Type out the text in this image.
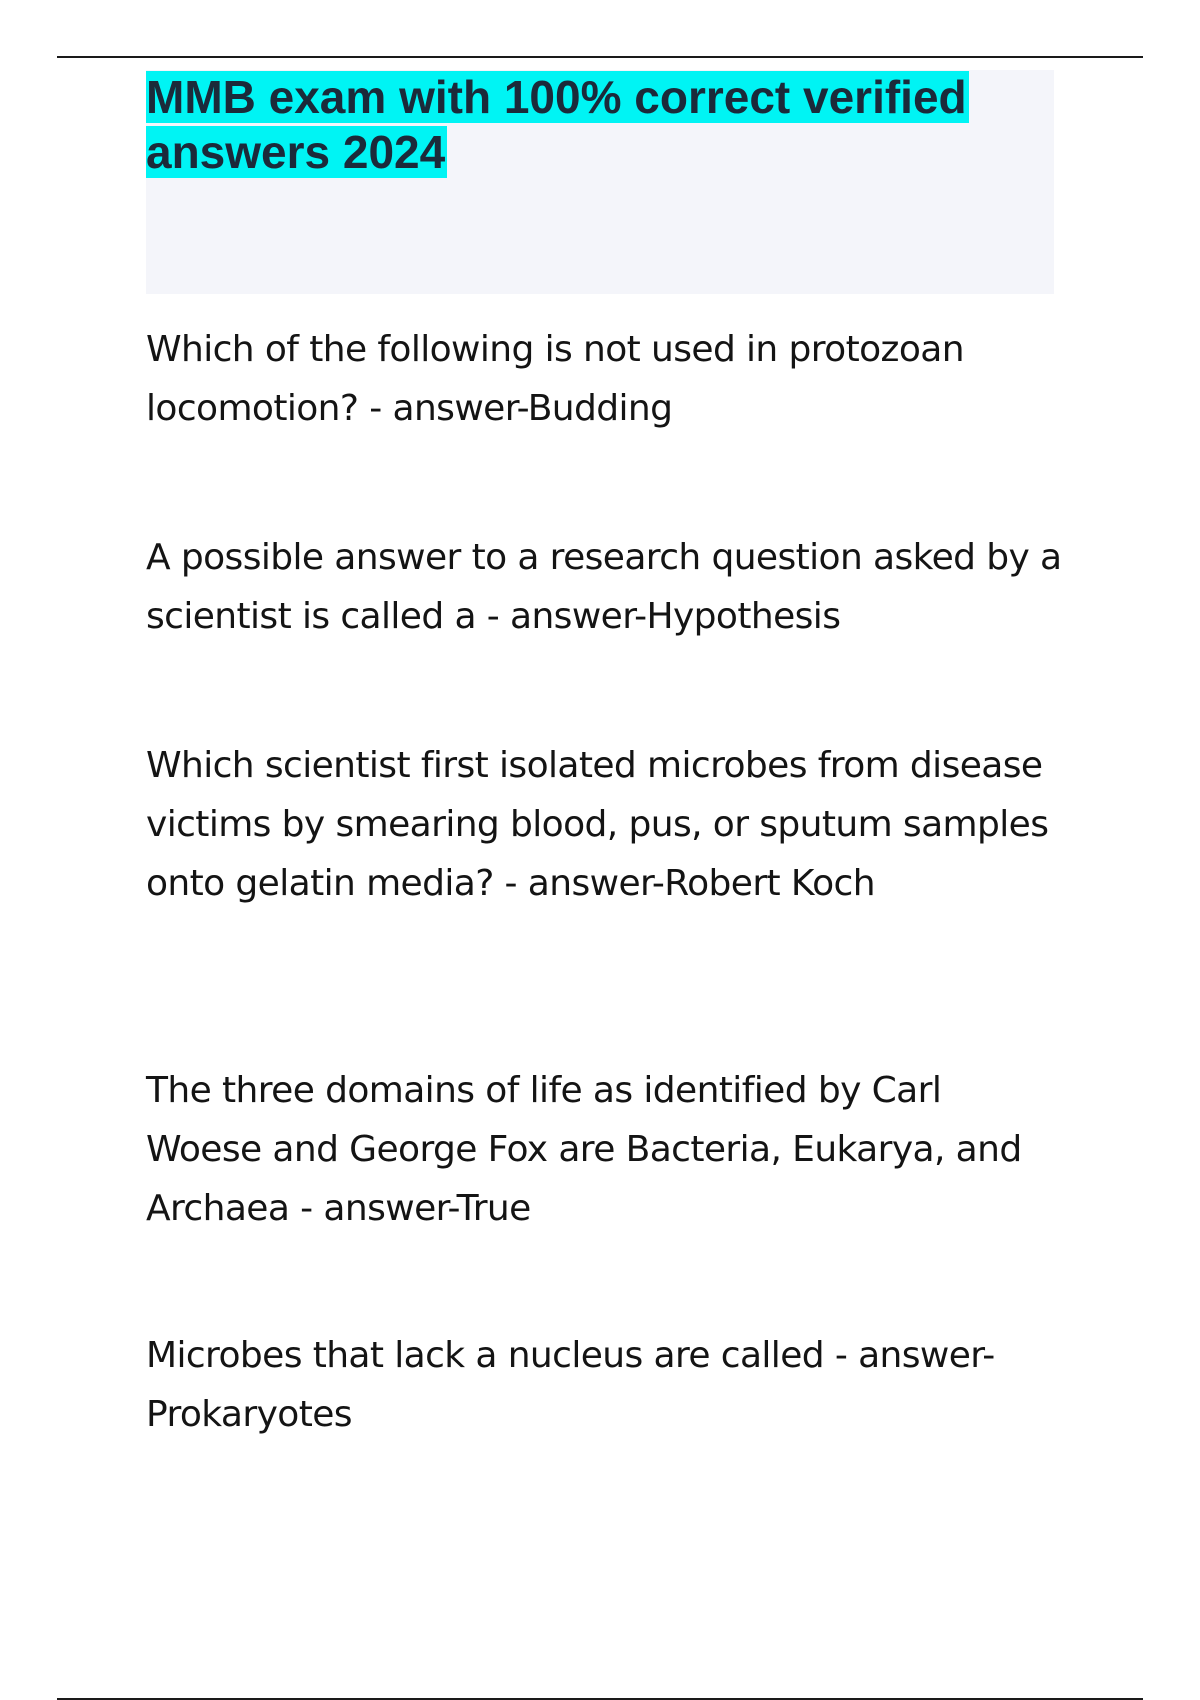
MMB exam with 100% correct verified answers 2024

Which of the following is not used in protozoan locomotion? - answer-Budding

A possible answer to a research question asked by a scientist is called a - answer-Hypothesis

Which scientist first isolated microbes from disease victims by smearing blood, pus, or sputum samples onto gelatin media? - answer-Robert Koch

The three domains of life as identified by Carl Woese and George Fox are Bacteria, Eukarya, and Archaea - answer-True

Microbes that lack a nucleus are called - answer-Prokaryotes
